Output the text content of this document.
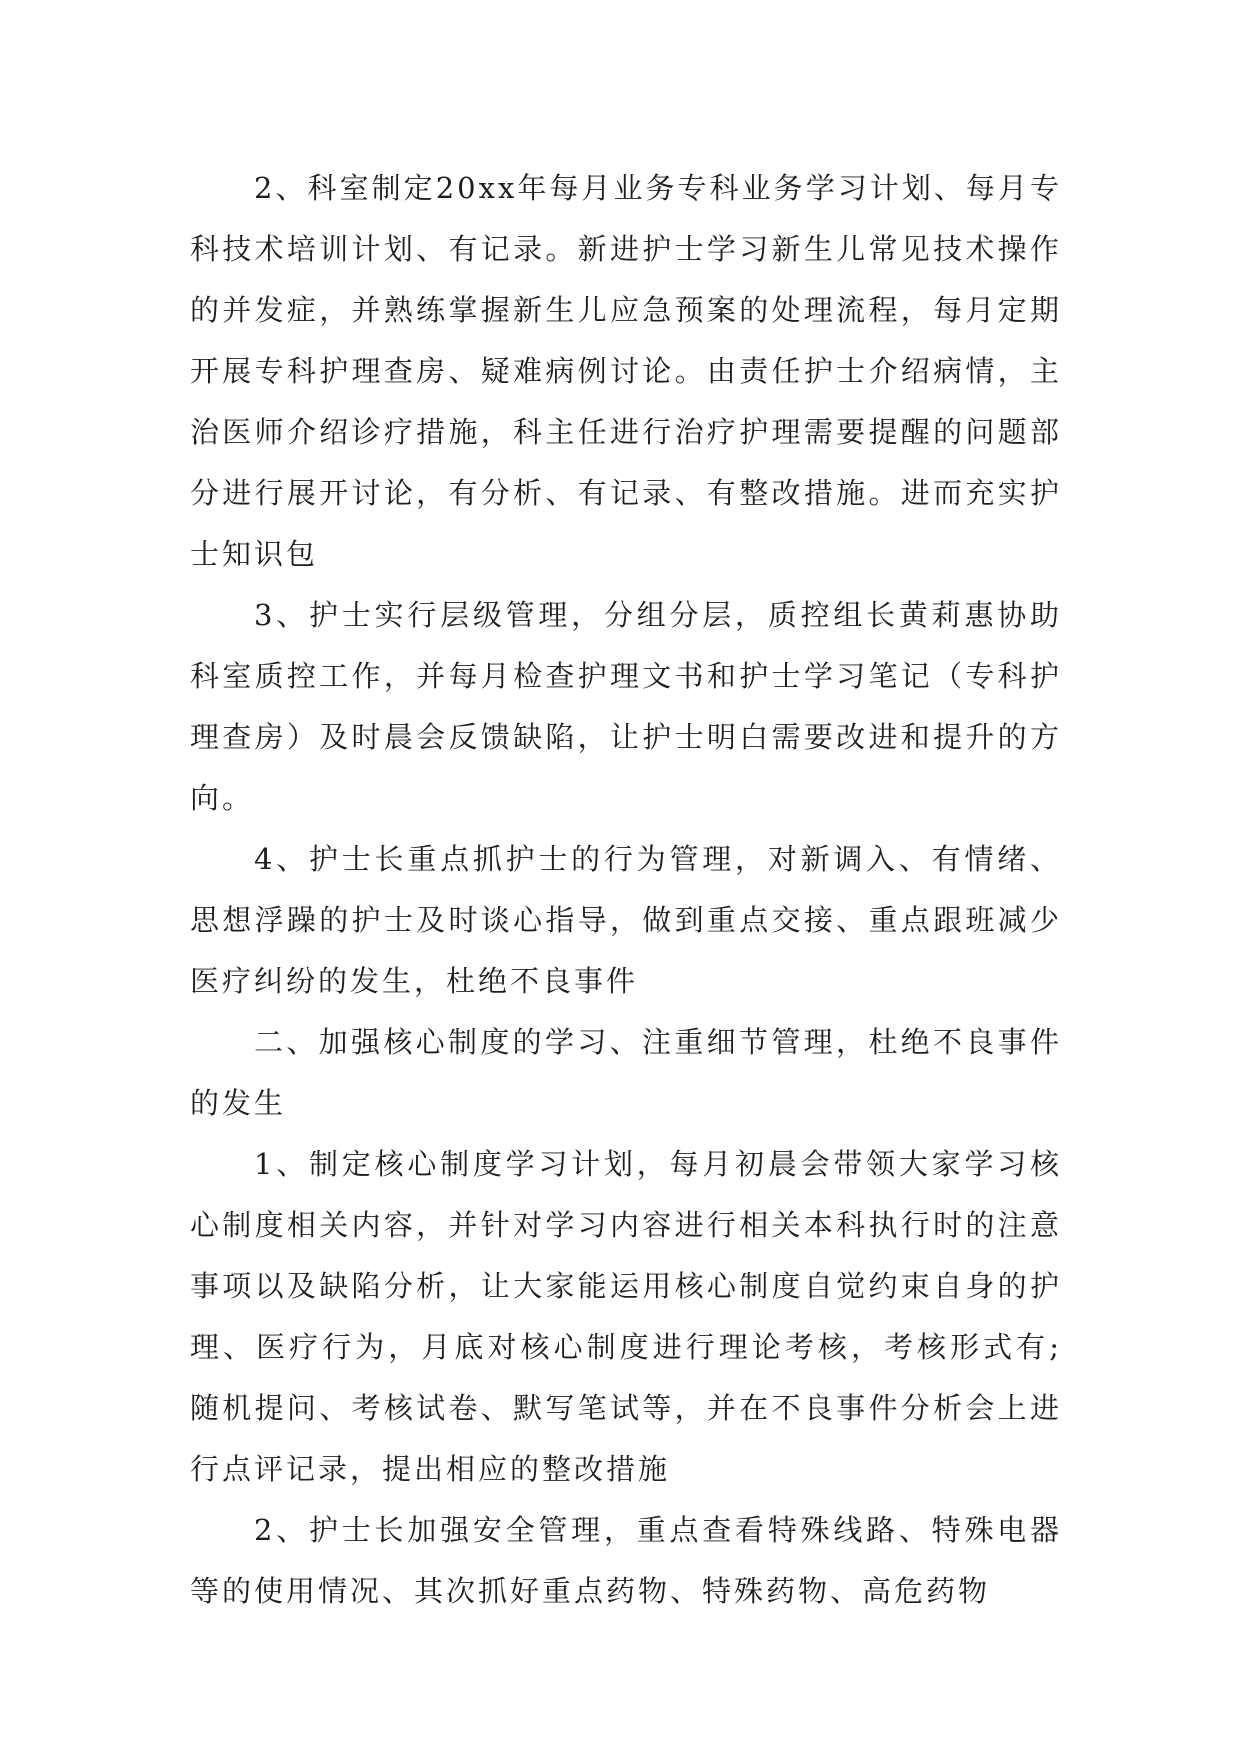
2、科室制定20xx年每月业务专科业务学习计划、每月专科技术培训计划、有记录。新进护士学习新生儿常见技术操作的并发症，并熟练掌握新生儿应急预案的处理流程，每月定期开展专科护理查房、疑难病例讨论。由责任护士介绍病情，主治医师介绍诊疗措施，科主任进行治疗护理需要提醒的问题部分进行展开讨论，有分析、有记录、有整改措施。进而充实护士知识包

3、护士实行层级管理，分组分层，质控组长黄莉惠协助科室质控工作，并每月检查护理文书和护士学习笔记（专科护理查房）及时晨会反馈缺陷，让护士明白需要改进和提升的方向。

4、护士长重点抓护士的行为管理，对新调入、有情绪、思想浮躁的护士及时谈心指导，做到重点交接、重点跟班减少医疗纠纷的发生，杜绝不良事件

二、加强核心制度的学习、注重细节管理，杜绝不良事件的发生

1、制定核心制度学习计划，每月初晨会带领大家学习核心制度相关内容，并针对学习内容进行相关本科执行时的注意事项以及缺陷分析，让大家能运用核心制度自觉约束自身的护理、医疗行为，月底对核心制度进行理论考核，考核形式有;随机提问、考核试卷、默写笔试等，并在不良事件分析会上进行点评记录，提出相应的整改措施

2、护士长加强安全管理，重点查看特殊线路、特殊电器等的使用情况、其次抓好重点药物、特殊药物、高危药物
